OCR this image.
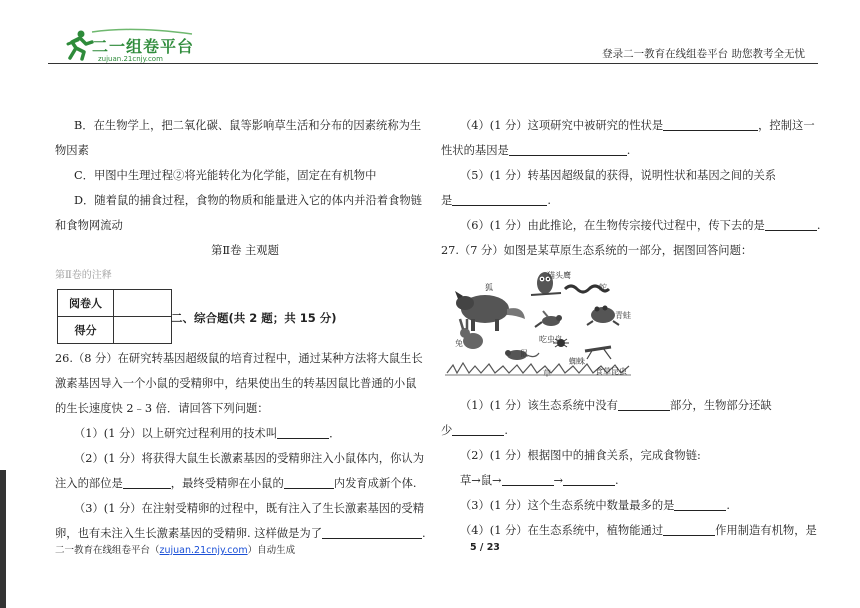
二一组卷平台
zujuan.21cnjy.com	登录二一教育在线组卷平台 助您教考全无忧
B．在生物学上，把二氧化碳、鼠等影响草生活和分布的因素统称为生
物因素
C．甲图中生理过程②将光能转化为化学能，固定在有机物中
D．随着鼠的捕食过程，食物的物质和能量进入它的体内并沿着食物链
和食物网流动
第Ⅱ卷 主观题
第Ⅱ卷的注释
阅卷人	
得分	
二、综合题(共 2 题；共 15 分)
26.（8 分）在研究转基因超级鼠的培育过程中，通过某种方法将大鼠生长
激素基因导入一个小鼠的受精卵中，结果使出生的转基因鼠比普通的小鼠
的生长速度快 2﹣3 倍．请回答下列问题：
（1）(1 分）以上研究过程利用的技术叫	．
（2）(1 分）将获得大鼠生长激素基因的受精卵注入小鼠体内，你认为
注入的部位是	，最终受精卵在小鼠的	内发育成新个体.
（3）(1 分）在注射受精卵的过程中，既有注入了生长激素基因的受精
卵，也有未注入生长激素基因的受精卵. 这样做是为了	.
（4）(1 分）这项研究中被研究的性状是	，控制这一
性状的基因是	.
（5）(1 分）转基因超级鼠的获得，说明性状和基因之间的关系
是	.
（6）(1 分）由此推论，在生物传宗接代过程中，传下去的是	.
27.（7 分）如图是某草原生态系统的一部分，据图回答问题：
猫头鹰
狐	蛇
吃虫鸟
青蛙
兔
鼠
蜘蛛
草	食草昆虫
（1）(1 分）该生态系统中没有	部分，生物部分还缺
少	.
（2）(1 分）根据图中的捕食关系，完成食物链:
草→鼠→	→	.
（3）(1 分）这个生态系统中数量最多的是	.
（4）(1 分）在生态系统中，植物能通过	作用制造有机物，是
二一教育在线组卷平台（zujuan.21cnjy.com）自动生成	5 / 23
